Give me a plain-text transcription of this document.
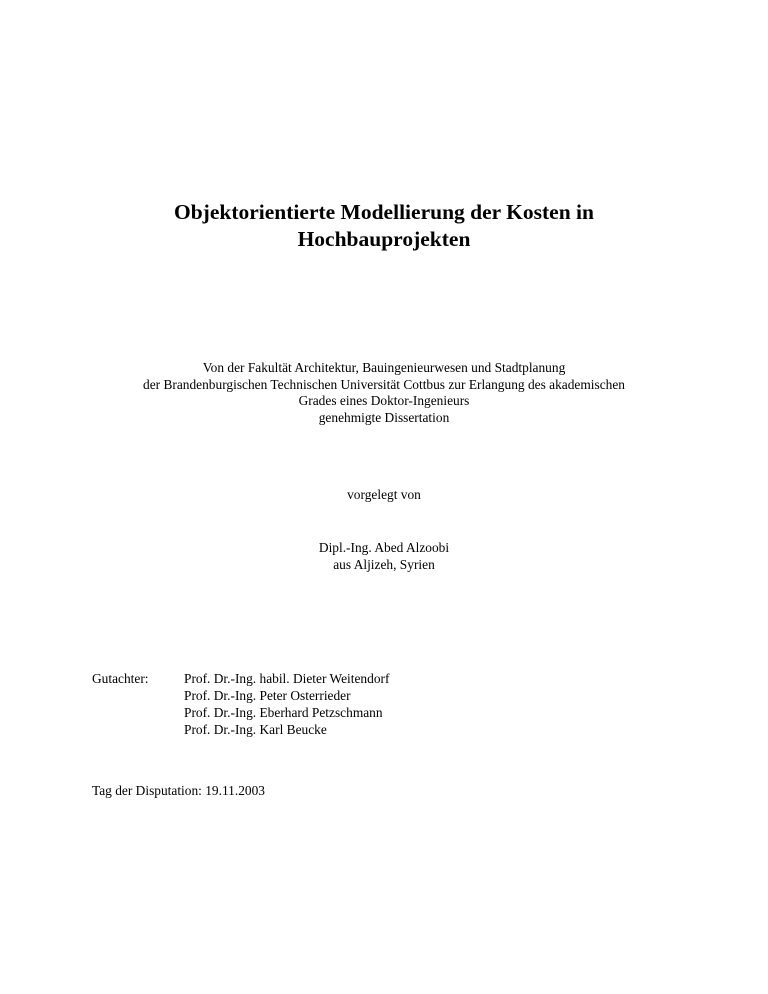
Objektorientierte Modellierung der Kosten in
Hochbauprojekten
Von der Fakultät Architektur, Bauingenieurwesen und Stadtplanung
der Brandenburgischen Technischen Universität Cottbus zur Erlangung des akademischen
Grades eines Doktor-Ingenieurs
genehmigte Dissertation
vorgelegt von
Dipl.-Ing. Abed Alzoobi
aus Aljizeh, Syrien
Gutachter:	Prof. Dr.-Ing. habil. Dieter Weitendorf
Prof. Dr.-Ing. Peter Osterrieder
Prof. Dr.-Ing. Eberhard Petzschmann
Prof. Dr.-Ing. Karl Beucke
Tag der Disputation: 19.11.2003
